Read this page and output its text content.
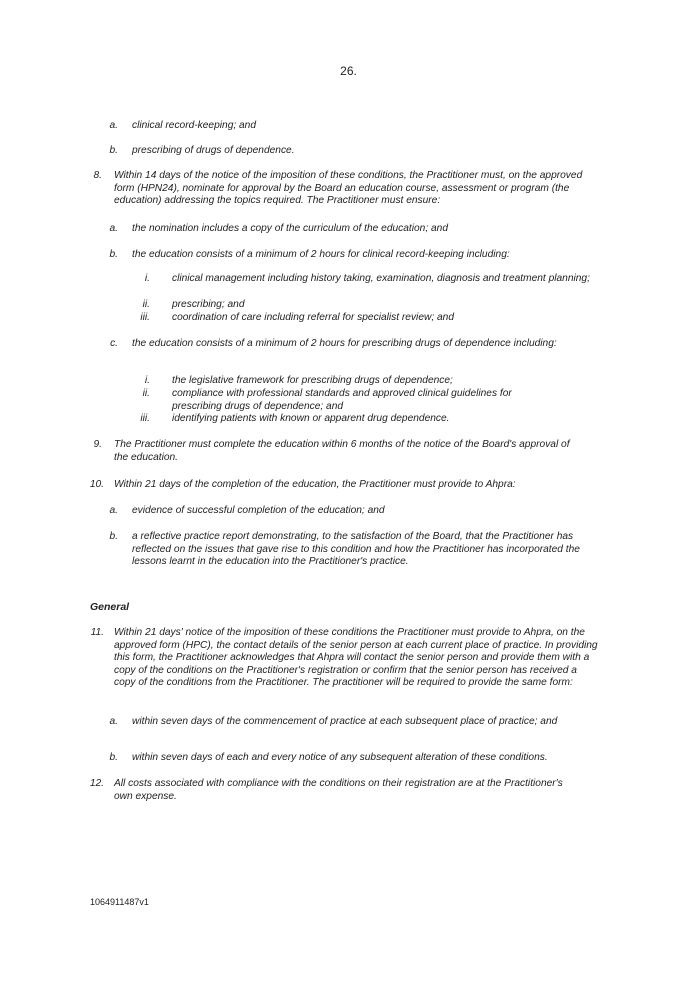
26.
a. clinical record-keeping; and
b. prescribing of drugs of dependence.
8. Within 14 days of the notice of the imposition of these conditions, the Practitioner must, on the approved form (HPN24), nominate for approval by the Board an education course, assessment or program (the education) addressing the topics required. The Practitioner must ensure:
a. the nomination includes a copy of the curriculum of the education; and
b. the education consists of a minimum of 2 hours for clinical record-keeping including:
i. clinical management including history taking, examination, diagnosis and treatment planning;
ii. prescribing; and
iii. coordination of care including referral for specialist review; and
c. the education consists of a minimum of 2 hours for prescribing drugs of dependence including:
i. the legislative framework for prescribing drugs of dependence;
ii. compliance with professional standards and approved clinical guidelines for prescribing drugs of dependence; and
iii. identifying patients with known or apparent drug dependence.
9. The Practitioner must complete the education within 6 months of the notice of the Board's approval of the education.
10. Within 21 days of the completion of the education, the Practitioner must provide to Ahpra:
a. evidence of successful completion of the education; and
b. a reflective practice report demonstrating, to the satisfaction of the Board, that the Practitioner has reflected on the issues that gave rise to this condition and how the Practitioner has incorporated the lessons learnt in the education into the Practitioner's practice.
General
11. Within 21 days' notice of the imposition of these conditions the Practitioner must provide to Ahpra, on the approved form (HPC), the contact details of the senior person at each current place of practice. In providing this form, the Practitioner acknowledges that Ahpra will contact the senior person and provide them with a copy of the conditions on the Practitioner's registration or confirm that the senior person has received a copy of the conditions from the Practitioner. The practitioner will be required to provide the same form:
a. within seven days of the commencement of practice at each subsequent place of practice; and
b. within seven days of each and every notice of any subsequent alteration of these conditions.
12. All costs associated with compliance with the conditions on their registration are at the Practitioner's own expense.
1064911487v1
